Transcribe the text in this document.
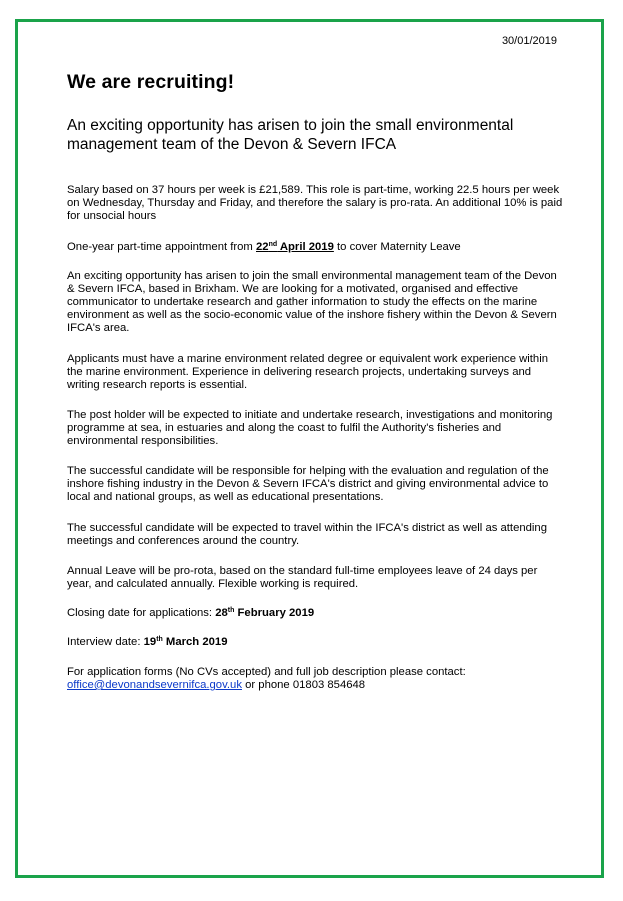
30/01/2019
We are recruiting!
An exciting opportunity has arisen to join the small environmental management team of the Devon & Severn IFCA

Salary based on 37 hours per week is £21,589. This role is part-time, working 22.5 hours per week on Wednesday, Thursday and Friday, and therefore the salary is pro-rata. An additional 10% is paid for unsocial hours

One-year part-time appointment from 22nd April 2019 to cover Maternity Leave

An exciting opportunity has arisen to join the small environmental management team of the Devon & Severn IFCA, based in Brixham. We are looking for a motivated, organised and effective communicator to undertake research and gather information to study the effects on the marine environment as well as the socio-economic value of the inshore fishery within the Devon & Severn IFCA's area.

Applicants must have a marine environment related degree or equivalent work experience within the marine environment. Experience in delivering research projects, undertaking surveys and writing research reports is essential.

The post holder will be expected to initiate and undertake research, investigations and monitoring programme at sea, in estuaries and along the coast to fulfil the Authority's fisheries and environmental responsibilities.

The successful candidate will be responsible for helping with the evaluation and regulation of the inshore fishing industry in the Devon & Severn IFCA's district and giving environmental advice to local and national groups, as well as educational presentations.

The successful candidate will be expected to travel within the IFCA's district as well as attending meetings and conferences around the country.

Annual Leave will be pro-rota, based on the standard full-time employees leave of 24 days per year, and calculated annually. Flexible working is required.

Closing date for applications: 28th February 2019

Interview date: 19th March 2019

For application forms (No CVs accepted) and full job description please contact:
office@devonandsevernifca.gov.uk or phone 01803 854648
